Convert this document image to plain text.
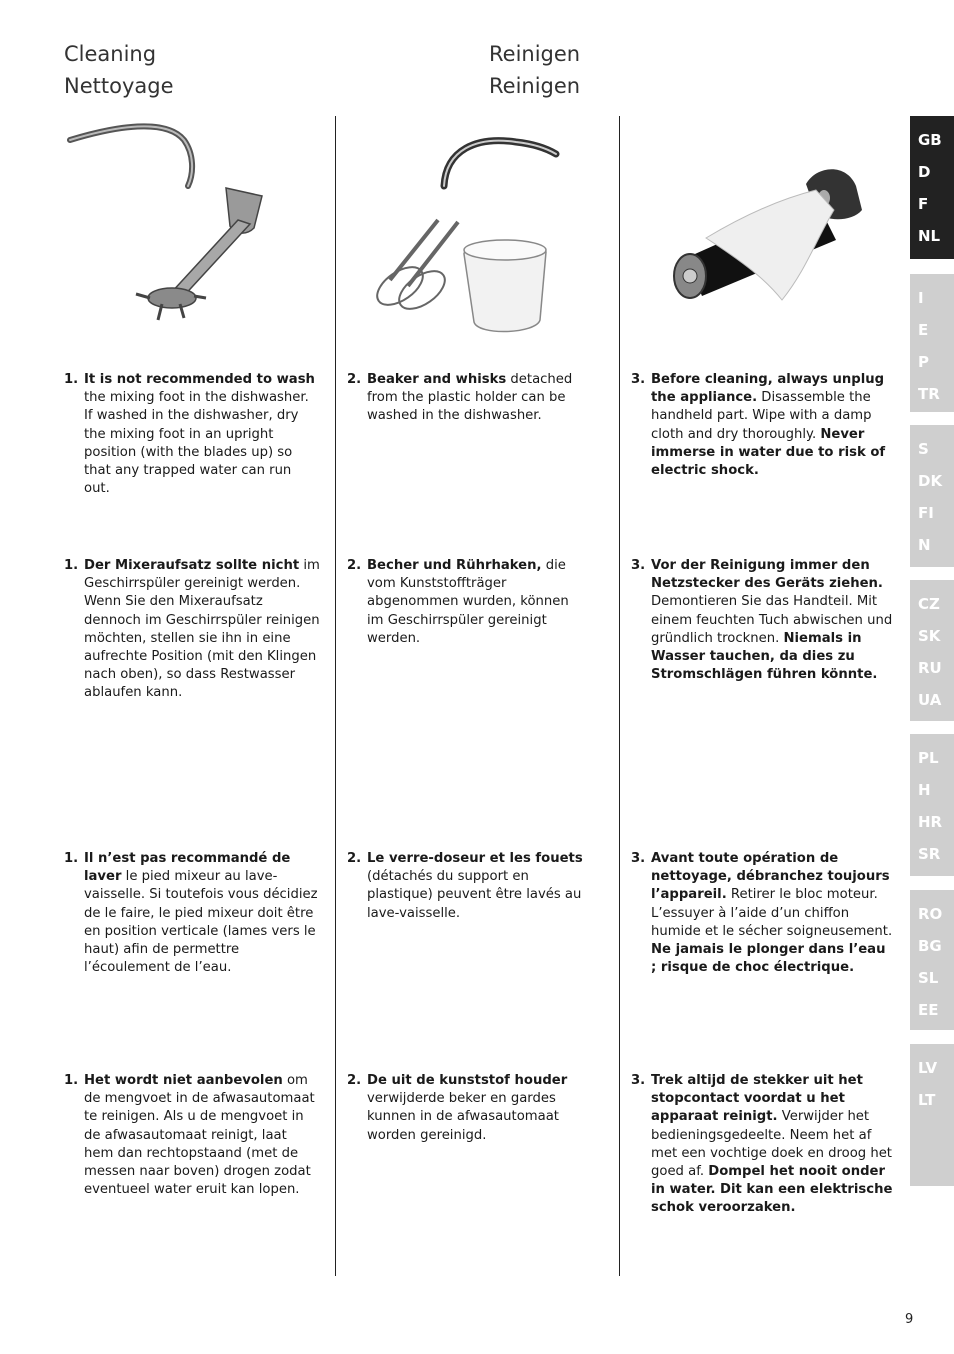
Cleaning
Nettoyage
Reinigen
Reinigen
1. It is not recommended to wash the mixing foot in the dishwasher. If washed in the dishwasher, dry the mixing foot in an upright position (with the blades up) so that any trapped water can run out.
2. Beaker and whisks detached from the plastic holder can be washed in the dishwasher.
3. Before cleaning, always unplug the appliance. Disassemble the handheld part. Wipe with a damp cloth and dry thoroughly. Never immerse in water due to risk of electric shock.
1. Der Mixeraufsatz sollte nicht im Geschirrspüler gereinigt werden. Wenn Sie den Mixeraufsatz dennoch im Geschirrspüler reinigen möchten, stellen sie ihn in eine aufrechte Position (mit den Klingen nach oben), so dass Restwasser ablaufen kann.
2. Becher und Rührhaken, die vom Kunststoffträger abgenommen wurden, können im Geschirrspüler gereinigt werden.
3. Vor der Reinigung immer den Netzstecker des Geräts ziehen. Demontieren Sie das Handteil. Mit einem feuchten Tuch abwischen und gründlich trocknen. Niemals in Wasser tauchen, da dies zu Stromschlägen führen könnte.
1. Il n’est pas recommandé de laver le pied mixeur au lave-vaisselle. Si toutefois vous décidiez de le faire, le pied mixeur doit être en position verticale (lames vers le haut) afin de permettre l’écoulement de l’eau.
2. Le verre-doseur et les fouets (détachés du support en plastique) peuvent être lavés au lave-vaisselle.
3. Avant toute opération de nettoyage, débranchez toujours l’appareil. Retirer le bloc moteur. L’essuyer à l’aide d’un chiffon humide et le sécher soigneusement. Ne jamais le plonger dans l’eau ; risque de choc électrique.
1. Het wordt niet aanbevolen om de mengvoet in de afwasautomaat te reinigen. Als u de mengvoet in de afwasautomaat reinigt, laat hem dan rechtopstaand (met de messen naar boven) drogen zodat eventueel water eruit kan lopen.
2. De uit de kunststof houder verwijderde beker en gardes kunnen in de afwasautomaat worden gereinigd.
3. Trek altijd de stekker uit het stopcontact voordat u het apparaat reinigt. Verwijder het bedieningsgedeelte. Neem het af met een vochtige doek en droog het goed af. Dompel het nooit onder in water. Dit kan een elektrische schok veroorzaken.
GB
D
F
NL
I
E
P
TR
S
DK
FI
N
CZ
SK
RU
UA
PL
H
HR
SR
RO
BG
SL
EE
LV
LT
9
